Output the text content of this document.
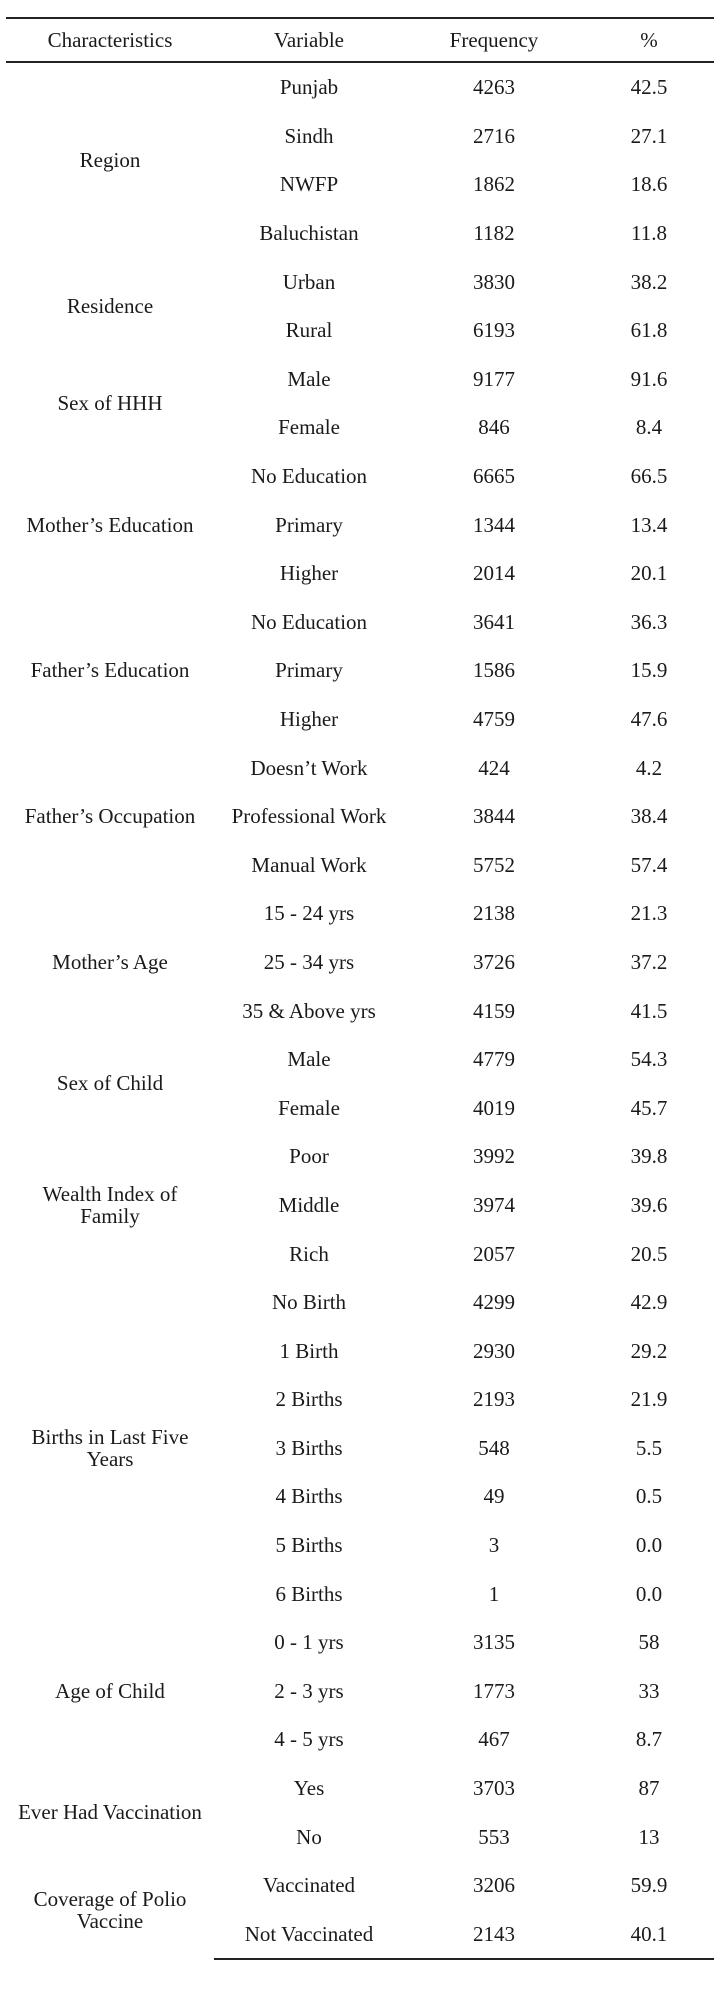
Characteristics	Variable	Frequency	%
Region	Punjab	4263	42.5
	Sindh	2716	27.1
	NWFP	1862	18.6
	Baluchistan	1182	11.8
Residence	Urban	3830	38.2
	Rural	6193	61.8
Sex of HHH	Male	9177	91.6
	Female	846	8.4
Mother’s Education	No Education	6665	66.5
	Primary	1344	13.4
	Higher	2014	20.1
Father’s Education	No Education	3641	36.3
	Primary	1586	15.9
	Higher	4759	47.6
Father’s Occupation	Doesn’t Work	424	4.2
	Professional Work	3844	38.4
	Manual Work	5752	57.4
Mother’s Age	15 - 24 yrs	2138	21.3
	25 - 34 yrs	3726	37.2
	35 & Above yrs	4159	41.5
Sex of Child	Male	4779	54.3
	Female	4019	45.7
Wealth Index of Family	Poor	3992	39.8
	Middle	3974	39.6
	Rich	2057	20.5
Births in Last Five Years	No Birth	4299	42.9
	1 Birth	2930	29.2
	2 Births	2193	21.9
	3 Births	548	5.5
	4 Births	49	0.5
	5 Births	3	0.0
	6 Births	1	0.0
Age of Child	0 - 1 yrs	3135	58
	2 - 3 yrs	1773	33
	4 - 5 yrs	467	8.7
Ever Had Vaccination	Yes	3703	87
	No	553	13
Coverage of Polio Vaccine	Vaccinated	3206	59.9
	Not Vaccinated	2143	40.1
